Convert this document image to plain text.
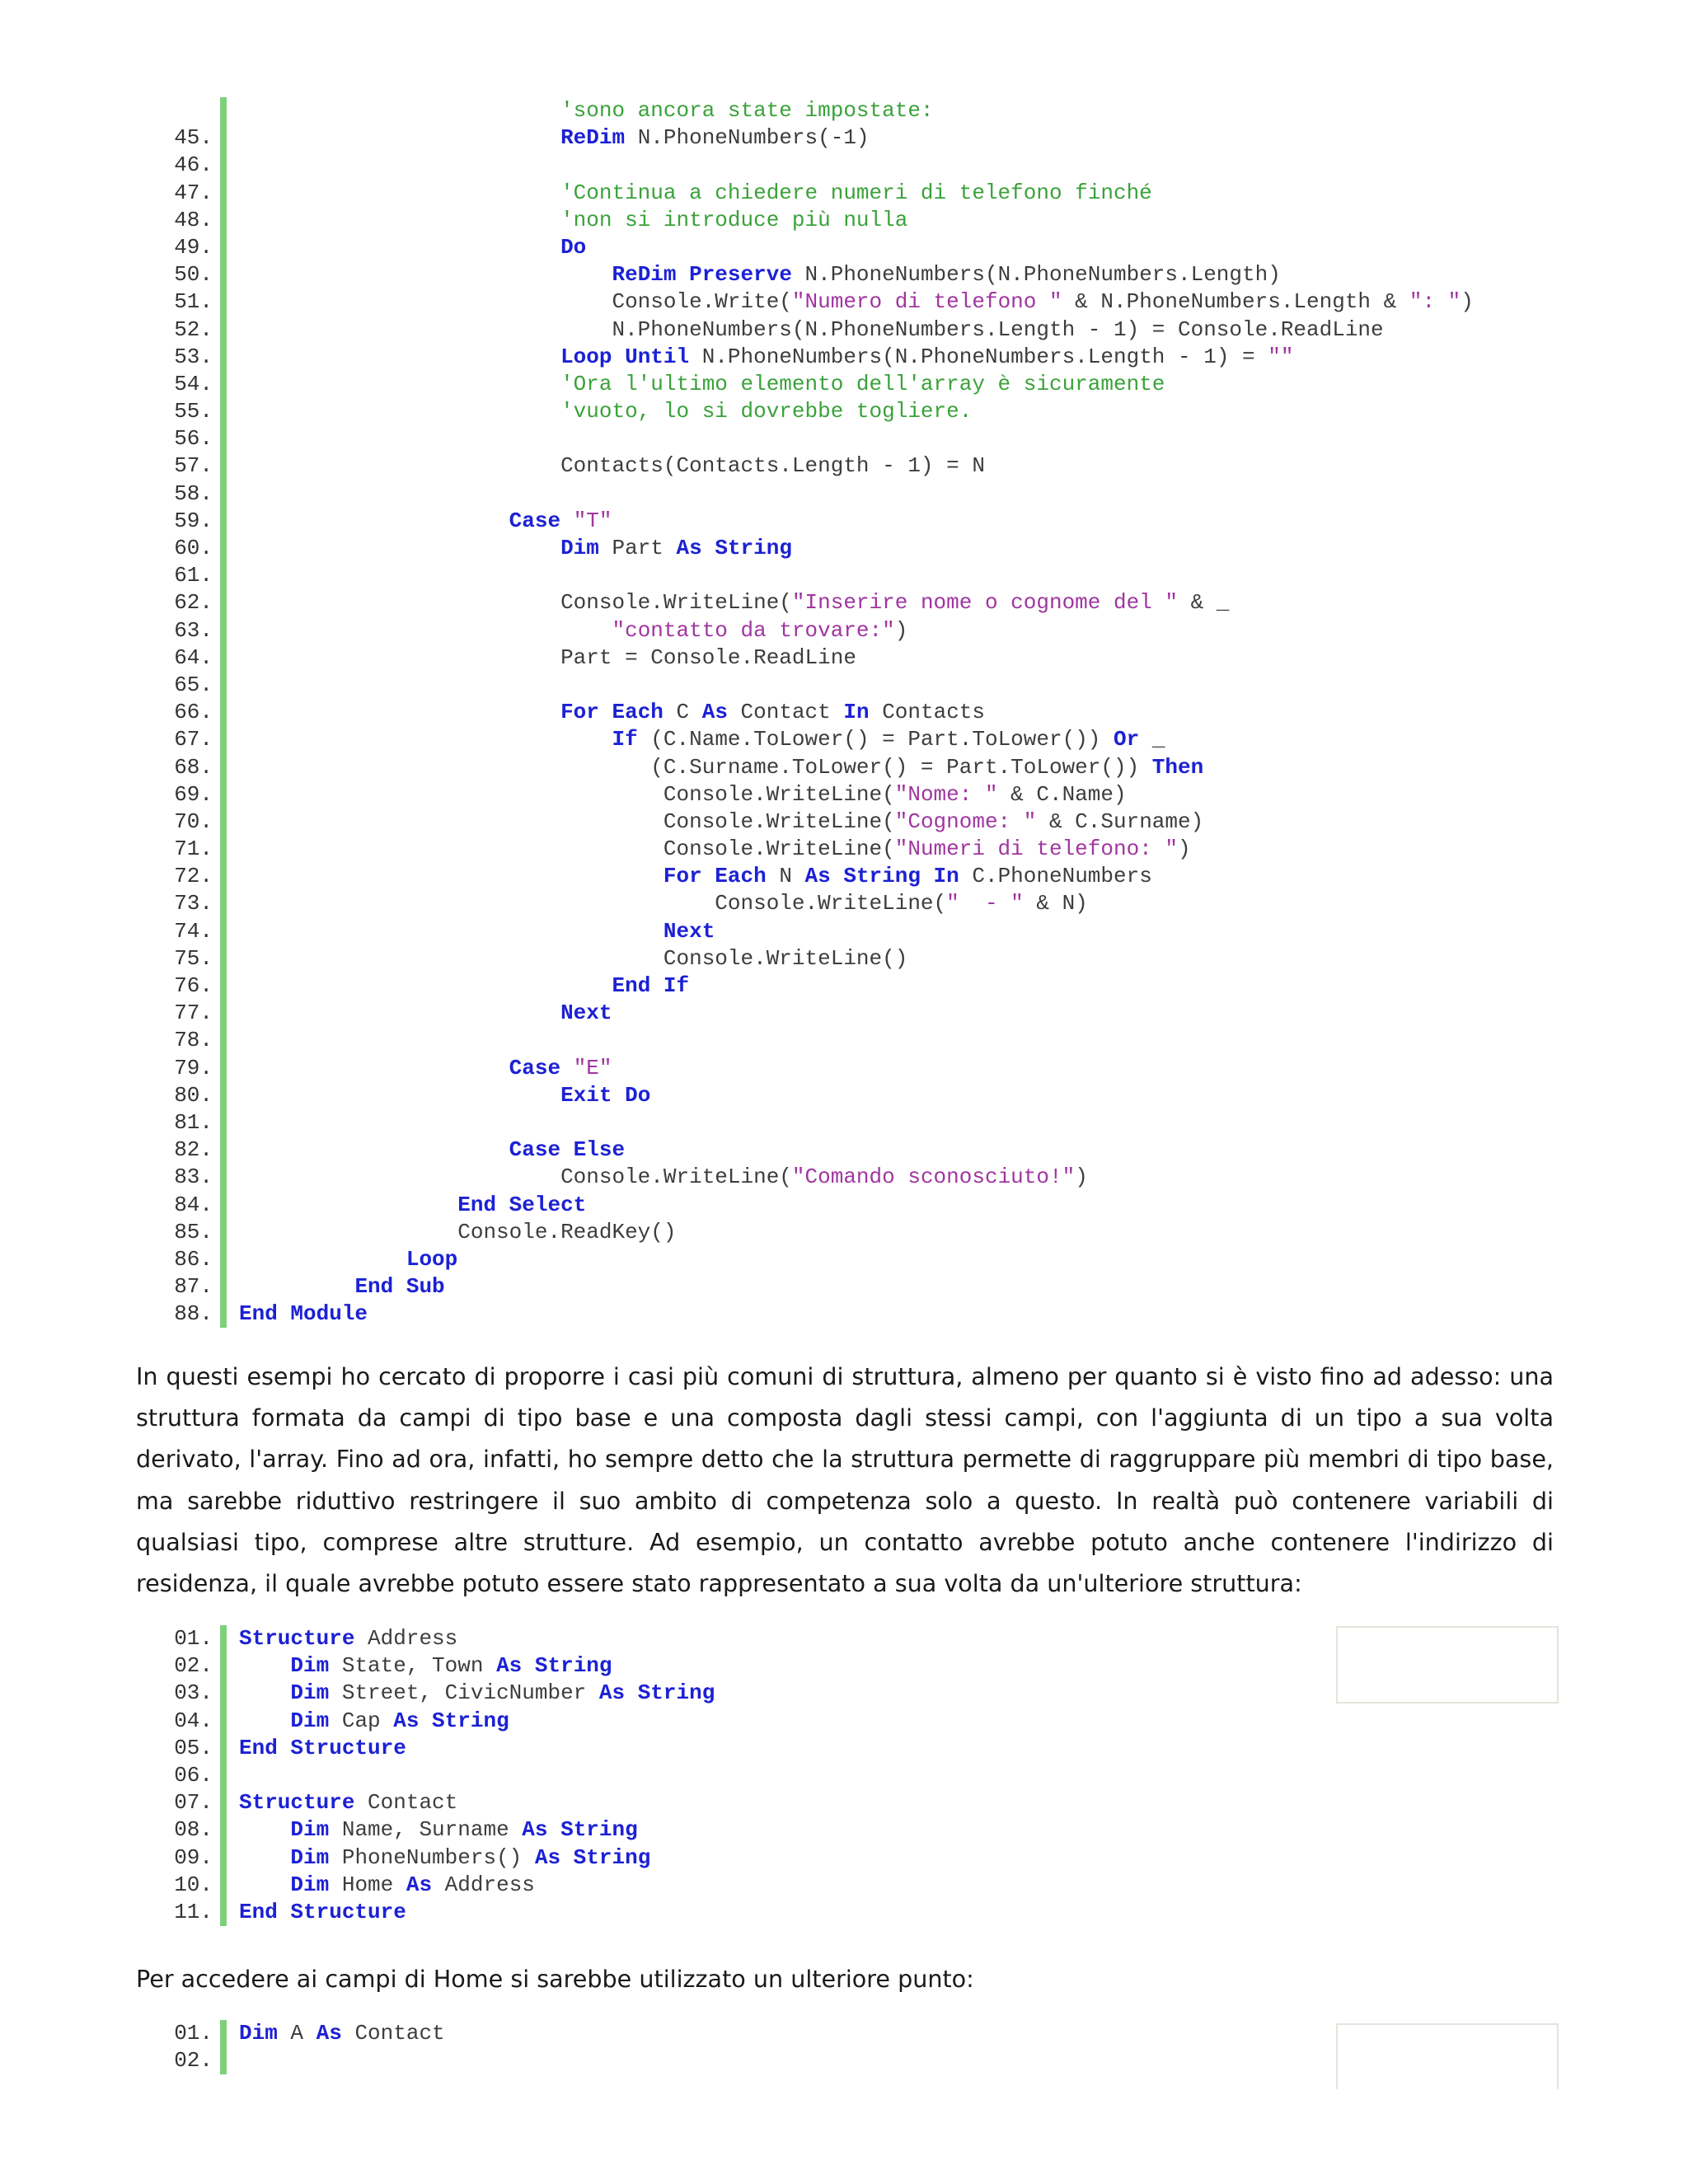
'sono ancora state impostate:
45.	ReDim N.PhoneNumbers(-1)
46.
47. 'Continua a chiedere numeri di telefono finché
48. 'non si introduce più nulla
49.	Do
50.	ReDim Preserve N.PhoneNumbers(N.PhoneNumbers.Length)
51. Console.Write("Numero di telefono " & N.PhoneNumbers.Length & ": ")
52. N.PhoneNumbers(N.PhoneNumbers.Length - 1) = Console.ReadLine
53.	Loop Until N.PhoneNumbers(N.PhoneNumbers.Length - 1) = ""
54. 'Ora l'ultimo elemento dell'array è sicuramente
55. 'vuoto, lo si dovrebbe togliere.
56.
57. Contacts(Contacts.Length - 1) = N
58.
59.	Case "T"
60.	Dim Part As String
61.
62. Console.WriteLine("Inserire nome o cognome del " & _
63.	"contatto da trovare:")
64. Part = Console.ReadLine
65.
66.	For Each C As Contact In Contacts
67.	If (C.Name.ToLower() = Part.ToLower()) Or _
68. (C.Surname.ToLower() = Part.ToLower()) Then
69. Console.WriteLine("Nome: " & C.Name)
70. Console.WriteLine("Cognome: " & C.Surname)
71. Console.WriteLine("Numeri di telefono: ")
72.	For Each N As String In C.PhoneNumbers
73. Console.WriteLine("  - " & N)
74.	Next
75. Console.WriteLine()
76.	End If
77.	Next
78.
79.	Case "E"
80.	Exit Do
81.
82.	Case Else
83. Console.WriteLine("Comando sconosciuto!")
84.	End Select
85. Console.ReadKey()
86.	Loop
87.	End Sub
88. End Module

In questi esempi ho cercato di proporre i casi più comuni di struttura, almeno per quanto si è visto fino ad adesso: una struttura formata da campi di tipo base e una composta dagli stessi campi, con l'aggiunta di un tipo a sua volta derivato, l'array. Fino ad ora, infatti, ho sempre detto che la struttura permette di raggruppare più membri di tipo base, ma sarebbe riduttivo restringere il suo ambito di competenza solo a questo. In realtà può contenere variabili di qualsiasi tipo, comprese altre strutture. Ad esempio, un contatto avrebbe potuto anche contenere l'indirizzo di residenza, il quale avrebbe potuto essere stato rappresentato a sua volta da un'ulteriore struttura:

01. Structure Address
02.	Dim State, Town As String
03.	Dim Street, CivicNumber As String
04.	Dim Cap As String
05. End Structure
06.
07. Structure Contact
08.	Dim Name, Surname As String
09.	Dim PhoneNumbers() As String
10.	Dim Home As Address
11. End Structure

Per accedere ai campi di Home si sarebbe utilizzato un ulteriore punto:

01. Dim A As Contact
02.
